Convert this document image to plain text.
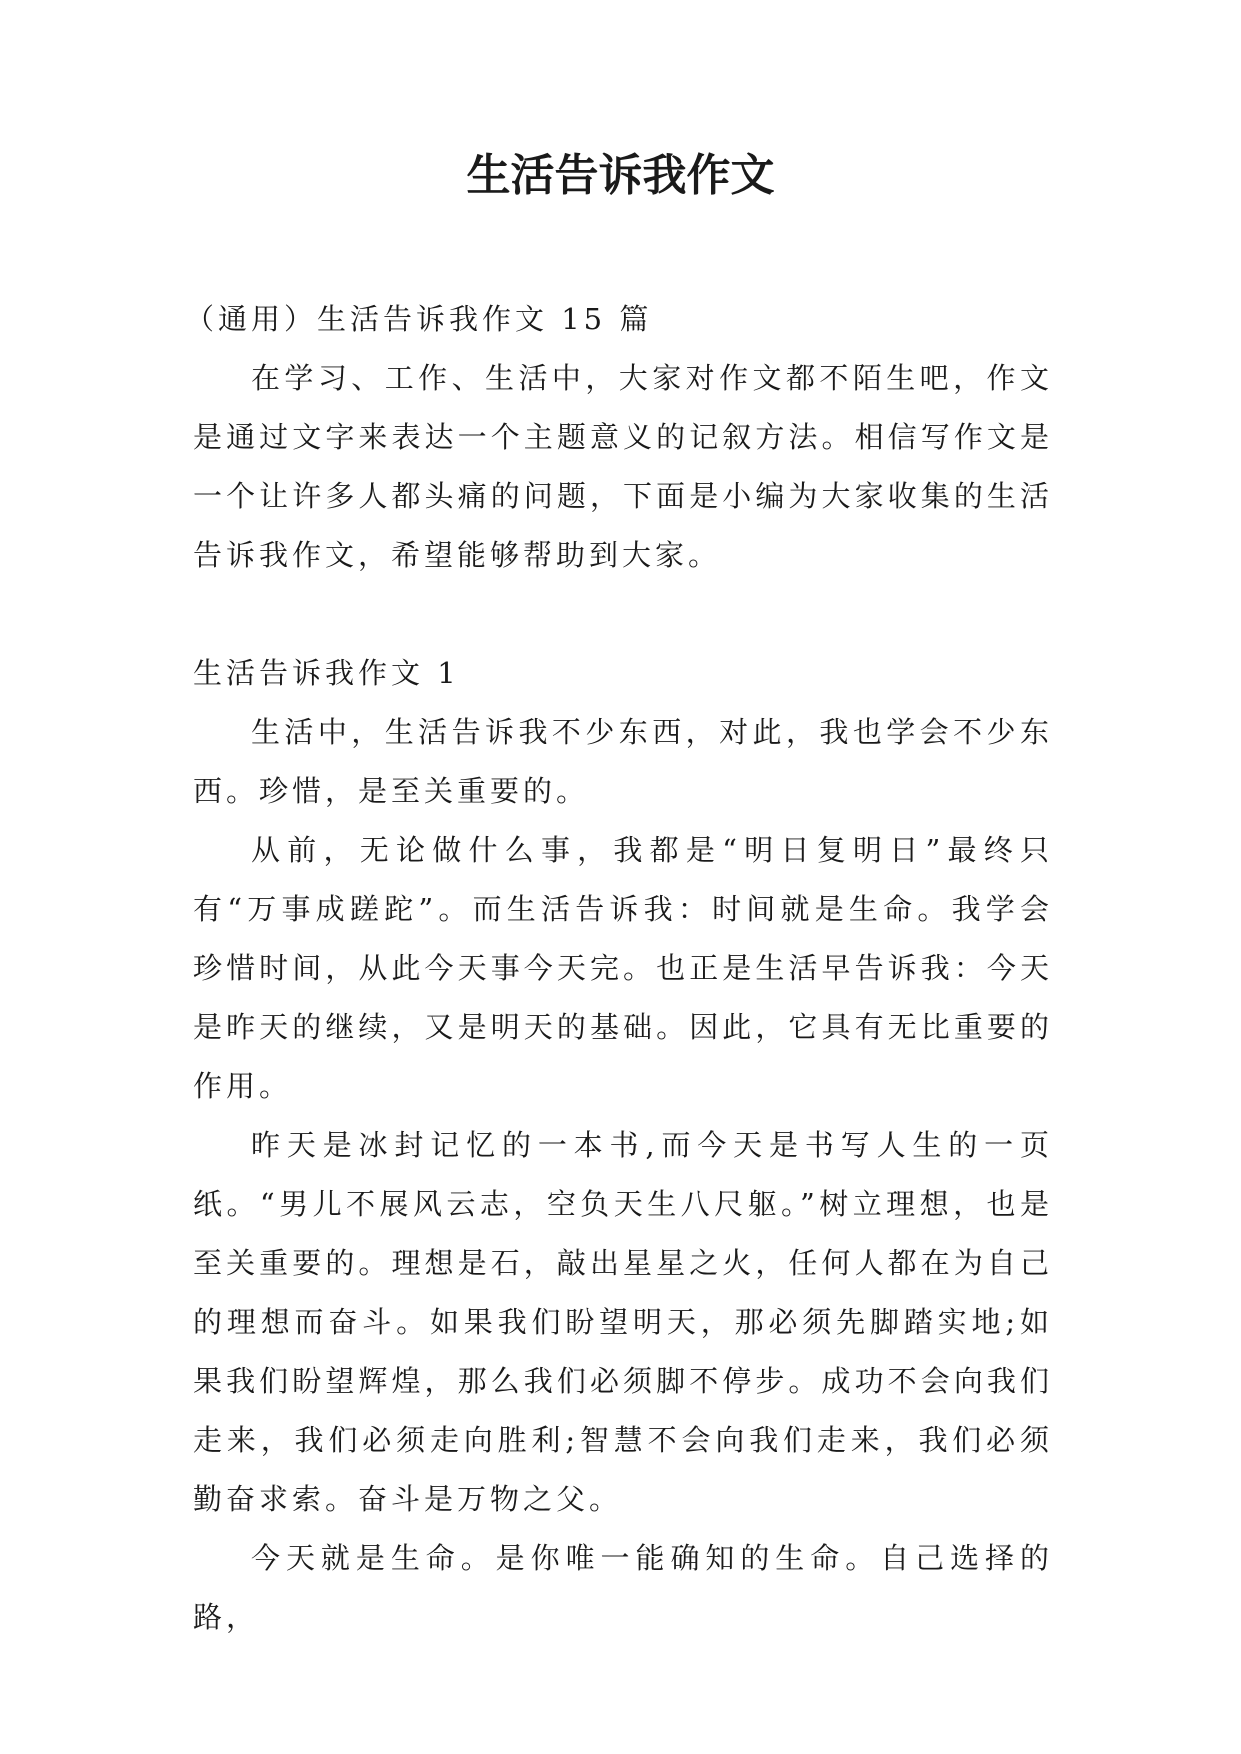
生活告诉我作文

（通用）生活告诉我作文 15 篇

在学习、工作、生活中，大家对作文都不陌生吧，作文是通过文字来表达一个主题意义的记叙方法。相信写作文是一个让许多人都头痛的问题，下面是小编为大家收集的生活告诉我作文，希望能够帮助到大家。

生活告诉我作文 1

生活中，生活告诉我不少东西，对此，我也学会不少东西。珍惜，是至关重要的。

从前，无论做什么事，我都是“明日复明日”最终只有“万事成蹉跎”。而生活告诉我：时间就是生命。我学会珍惜时间，从此今天事今天完。也正是生活早告诉我：今天是昨天的继续，又是明天的基础。因此，它具有无比重要的作用。

昨天是冰封记忆的一本书,而今天是书写人生的一页纸。“男儿不展风云志，空负天生八尺躯。”树立理想，也是至关重要的。理想是石，敲出星星之火，任何人都在为自己的理想而奋斗。如果我们盼望明天，那必须先脚踏实地;如果我们盼望辉煌，那么我们必须脚不停步。成功不会向我们走来，我们必须走向胜利;智慧不会向我们走来，我们必须勤奋求索。奋斗是万物之父。

今天就是生命。是你唯一能确知的生命。自己选择的路，
